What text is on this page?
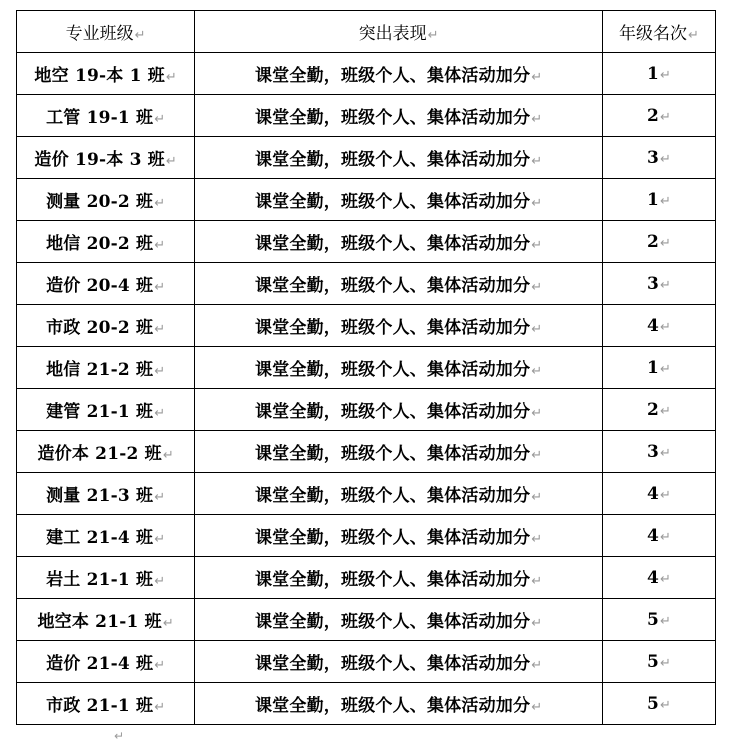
专业班级↵	突出表现↵	年级名次↵
地空 19-本 1 班↵	课堂全勤，班级个人、集体活动加分↵	1↵
工管 19-1 班↵	课堂全勤，班级个人、集体活动加分↵	2↵
造价 19-本 3 班↵	课堂全勤，班级个人、集体活动加分↵	3↵
测量 20-2 班↵	课堂全勤，班级个人、集体活动加分↵	1↵
地信 20-2 班↵	课堂全勤，班级个人、集体活动加分↵	2↵
造价 20-4 班↵	课堂全勤，班级个人、集体活动加分↵	3↵
市政 20-2 班↵	课堂全勤，班级个人、集体活动加分↵	4↵
地信 21-2 班↵	课堂全勤，班级个人、集体活动加分↵	1↵
建管 21-1 班↵	课堂全勤，班级个人、集体活动加分↵	2↵
造价本 21-2 班↵	课堂全勤，班级个人、集体活动加分↵	3↵
测量 21-3 班↵	课堂全勤，班级个人、集体活动加分↵	4↵
建工 21-4 班↵	课堂全勤，班级个人、集体活动加分↵	4↵
岩土 21-1 班↵	课堂全勤，班级个人、集体活动加分↵	4↵
地空本 21-1 班↵	课堂全勤，班级个人、集体活动加分↵	5↵
造价 21-4 班↵	课堂全勤，班级个人、集体活动加分↵	5↵
市政 21-1 班↵	课堂全勤，班级个人、集体活动加分↵	5↵
↵
